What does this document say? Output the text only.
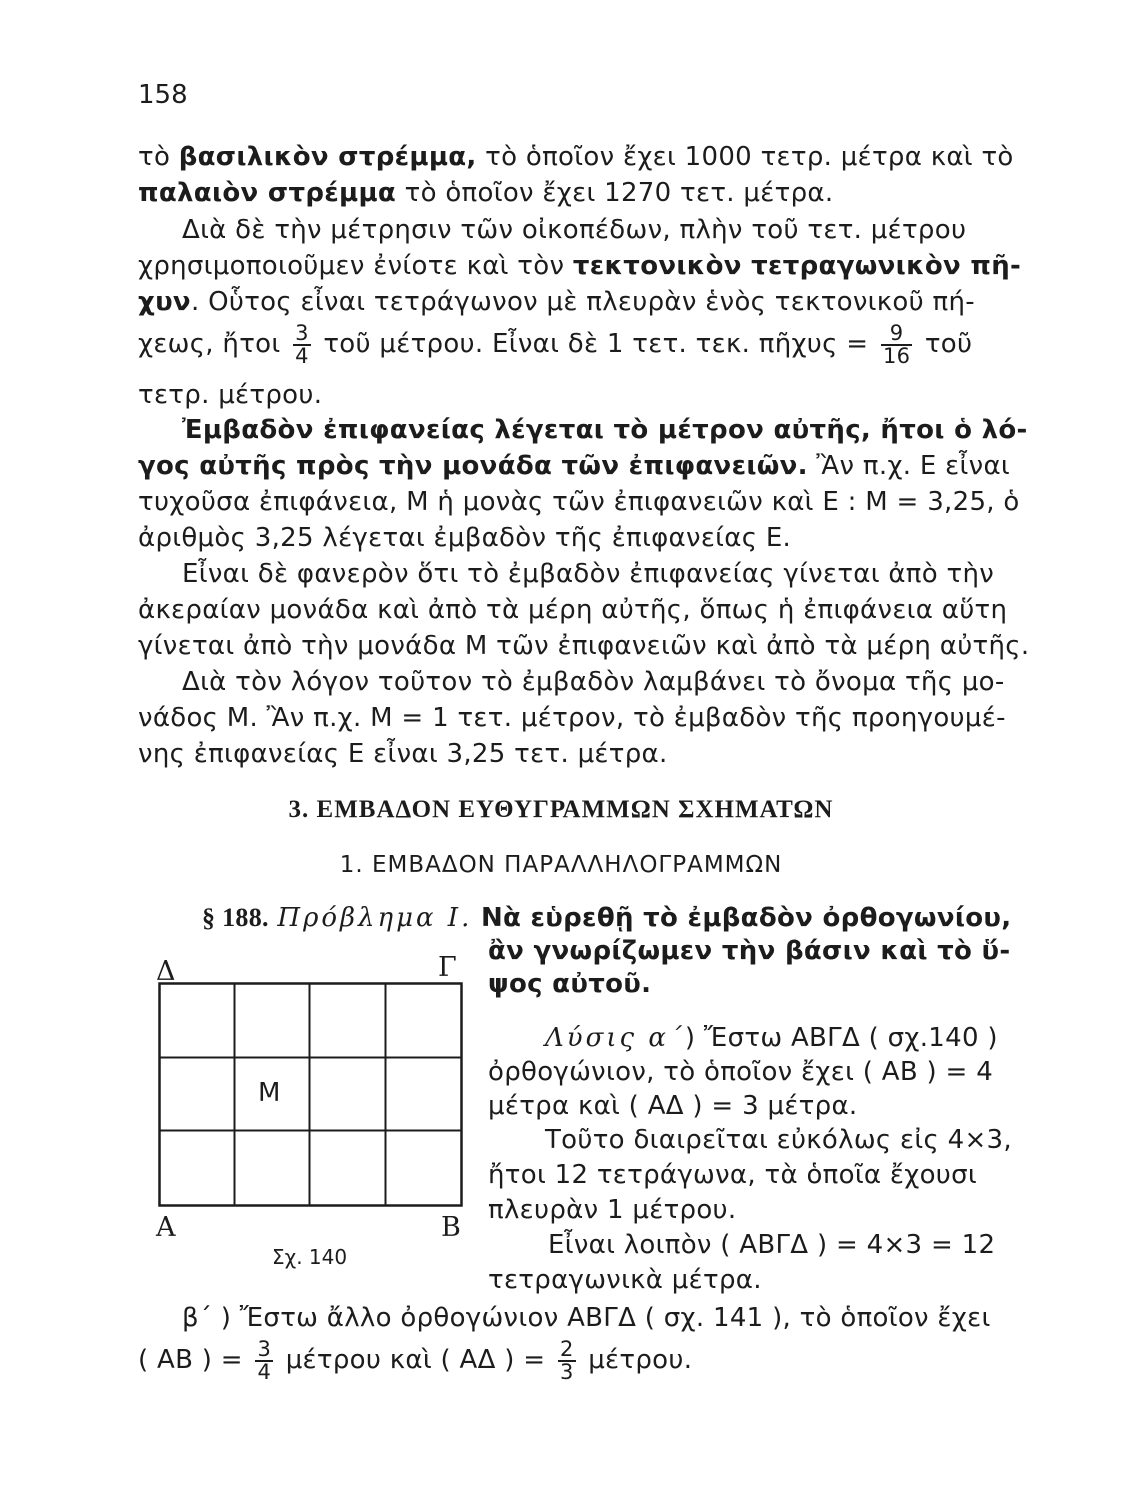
158
τὸ βασιλικὸν στρέμμα, τὸ ὁποῖον ἔχει 1000 τετρ. μέτρα καὶ τὸ
παλαιὸν στρέμμα τὸ ὁποῖον ἔχει 1270 τετ. μέτρα.
Διὰ δὲ τὴν μέτρησιν τῶν οἰκοπέδων, πλὴν τοῦ τετ. μέτρου
χρησιμοποιοῦμεν ἐνίοτε καὶ τὸν τεκτονικὸν τετραγωνικὸν πῆ-
χυν. Οὗτος εἶναι τετράγωνον μὲ πλευρὰν ἑνὸς τεκτονικοῦ πή-
χεως, ἤτοι $\frac{3}{4}$ τοῦ μέτρου. Εἶναι δὲ 1 τετ. τεκ. πῆχυς = $\frac{9}{16}$ τοῦ
τετρ. μέτρου.
Ἐμβαδὸν ἐπιφανείας λέγεται τὸ μέτρον αὐτῆς, ἤτοι ὁ λό-
γος αὐτῆς πρὸς τὴν μονάδα τῶν ἐπιφανειῶν. Ἂν π.χ. Ε εἶναι
τυχοῦσα ἐπιφάνεια, Μ ἡ μονὰς τῶν ἐπιφανειῶν καὶ Ε : Μ = 3,25, ὁ
ἀριθμὸς 3,25 λέγεται ἐμβαδὸν τῆς ἐπιφανείας Ε.
Εἶναι δὲ φανερὸν ὅτι τὸ ἐμβαδὸν ἐπιφανείας γίνεται ἀπὸ τὴν
ἀκεραίαν μονάδα καὶ ἀπὸ τὰ μέρη αὐτῆς, ὅπως ἡ ἐπιφάνεια αὕτη
γίνεται ἀπὸ τὴν μονάδα Μ τῶν ἐπιφανειῶν καὶ ἀπὸ τὰ μέρη αὐτῆς.
Διὰ τὸν λόγον τοῦτον τὸ ἐμβαδὸν λαμβάνει τὸ ὄνομα τῆς μο-
νάδος Μ. Ἂν π.χ. Μ = 1 τετ. μέτρον, τὸ ἐμβαδὸν τῆς προηγουμέ-
νης ἐπιφανείας Ε εἶναι 3,25 τετ. μέτρα.
3. ΕΜΒΑΔΟΝ ΕΥΘΥΓΡΑΜΜΩΝ ΣΧΗΜΑΤΩΝ
1. ΕΜΒΑΔΟΝ ΠΑΡΑΛΛΗΛΟΓΡΑΜΜΩΝ
§ 188. Πρόβλημα Ι. Νὰ εὑρεθῇ τὸ ἐμβαδὸν ὀρθογωνίου,
ἂν γνωρίζωμεν τὴν βάσιν καὶ τὸ ὕ-
ψος αὐτοῦ.
Δ	Γ
Α	Β
Μ
Σχ. 140
Λύσις α΄) Ἔστω ΑΒΓΔ ( σχ.140 )
ὀρθογώνιον, τὸ ὁποῖον ἔχει ( ΑΒ ) = 4
μέτρα καὶ ( ΑΔ ) = 3 μέτρα.
Τοῦτο διαιρεῖται εὐκόλως εἰς 4×3,
ἤτοι 12 τετράγωνα, τὰ ὁποῖα ἔχουσι
πλευρὰν 1 μέτρου.
Εἶναι λοιπὸν ( ΑΒΓΔ ) = 4×3 = 12
τετραγωνικὰ μέτρα.
β΄ ) Ἔστω ἄλλο ὀρθογώνιον ΑΒΓΔ ( σχ. 141 ), τὸ ὁποῖον ἔχει
( ΑΒ ) = $\frac{3}{4}$ μέτρου καὶ ( ΑΔ ) = $\frac{2}{3} \mu έ\tau\rho o\upsilon$.
